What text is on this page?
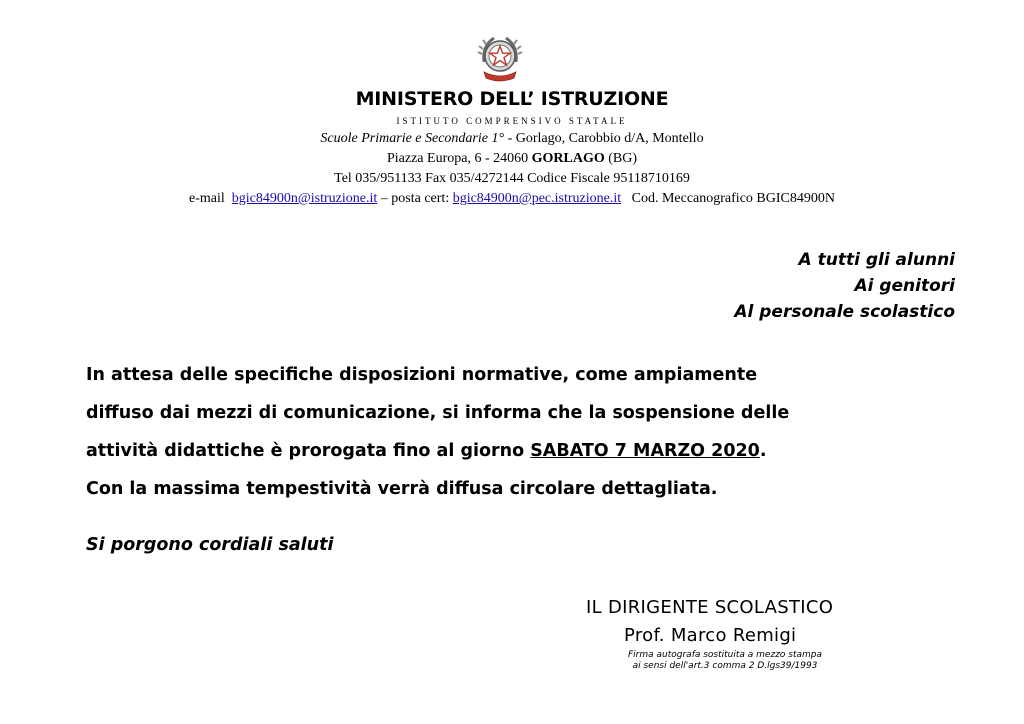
MINISTERO DELL’ ISTRUZIONE
ISTITUTO COMPRENSIVO STATALE
Scuole Primarie e Secondarie 1° - Gorlago, Carobbio d/A, Montello
Piazza Europa, 6 - 24060 GORLAGO (BG)
Tel 035/951133 Fax 035/4272144 Codice Fiscale 95118710169
e-mail  bgic84900n@istruzione.it – posta cert: bgic84900n@pec.istruzione.it   Cod. Meccanografico BGIC84900N
A tutti gli alunni
Ai genitori
Al personale scolastico
In attesa delle specifiche disposizioni normative, come ampiamente
diffuso dai mezzi di comunicazione, si informa che la sospensione delle
attività didattiche è prorogata fino al giorno SABATO 7 MARZO 2020.
Con la massima tempestività verrà diffusa circolare dettagliata.
Si porgono cordiali saluti
IL DIRIGENTE SCOLASTICO
Prof. Marco Remigi
Firma autografa sostituita a mezzo stampa
ai sensi dell'art.3 comma 2 D.lgs39/1993
